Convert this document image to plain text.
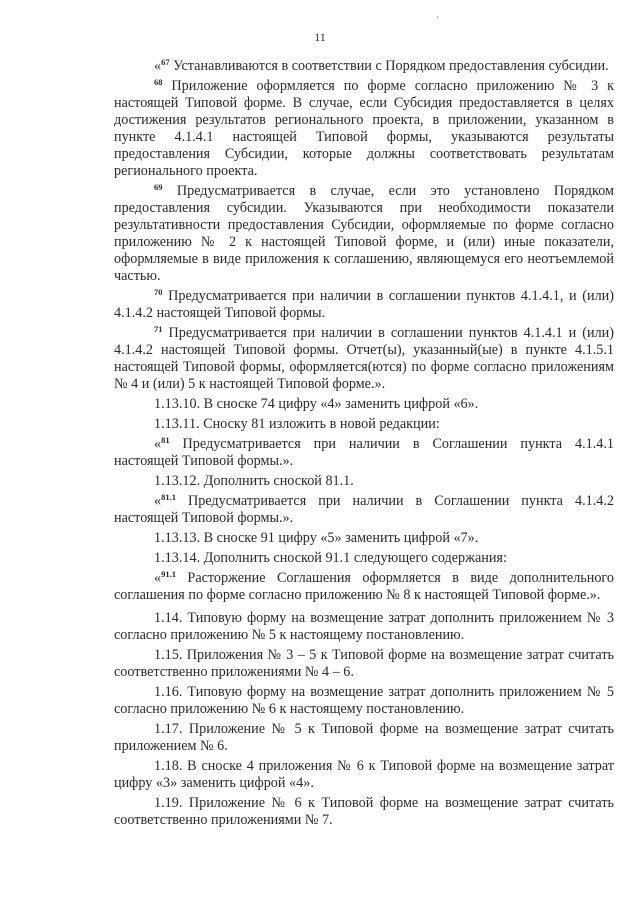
`
11

«$^{67}$ Устанавливаются в соответствии с Порядком предоставления субсидии.

$^{68}$ Приложение оформляется по форме согласно приложению № 3 к настоящей Типовой форме. В случае, если Субсидия предоставляется в целях достижения результатов регионального проекта, в приложении, указанном в пункте 4.1.4.1 настоящей Типовой формы, указываются результаты предоставления Субсидии, которые должны соответствовать результатам регионального проекта.

$^{69}$ Предусматривается в случае, если это установлено Порядком предоставления субсидии. Указываются при необходимости показатели результативности предоставления Субсидии, оформляемые по форме согласно приложению № 2 к настоящей Типовой форме, и (или) иные показатели, оформляемые в виде приложения к соглашению, являющемуся его неотъемлемой частью.

$^{70}$ Предусматривается при наличии в соглашении пунктов 4.1.4.1, и (или) 4.1.4.2 настоящей Типовой формы.

$^{71}$ Предусматривается при наличии в соглашении пунктов 4.1.4.1 и (или) 4.1.4.2 настоящей Типовой формы. Отчет(ы), указанный(ые) в пункте 4.1.5.1 настоящей Типовой формы, оформляется(ются) по форме согласно приложениям № 4 и (или) 5 к настоящей Типовой форме.».

1.13.10. В сноске 74 цифру «4» заменить цифрой «6».

1.13.11. Сноску 81 изложить в новой редакции:

«$^{81}$ Предусматривается при наличии в Соглашении пункта 4.1.4.1 настоящей Типовой формы.».

1.13.12. Дополнить сноской 81.1.

«$^{81.1}$ Предусматривается при наличии в Соглашении пункта 4.1.4.2 настоящей Типовой формы.».

1.13.13. В сноске 91 цифру «5» заменить цифрой «7».

1.13.14. Дополнить сноской 91.1 следующего содержания:

«$^{91.1}$ Расторжение Соглашения оформляется в виде дополнительного соглашения по форме согласно приложению № 8 к настоящей Типовой форме.».

1.14. Типовую форму на возмещение затрат дополнить приложением № 3 согласно приложению № 5 к настоящему постановлению.

1.15. Приложения № 3 – 5 к Типовой форме на возмещение затрат считать соответственно приложениями № 4 – 6.

1.16. Типовую форму на возмещение затрат дополнить приложением № 5 согласно приложению № 6 к настоящему постановлению.

1.17. Приложение № 5 к Типовой форме на возмещение затрат считать приложением № 6.

1.18. В сноске 4 приложения № 6 к Типовой форме на возмещение затрат цифру «3» заменить цифрой «4».

1.19. Приложение № 6 к Типовой форме на возмещение затрат считать соответственно приложениями № 7.
